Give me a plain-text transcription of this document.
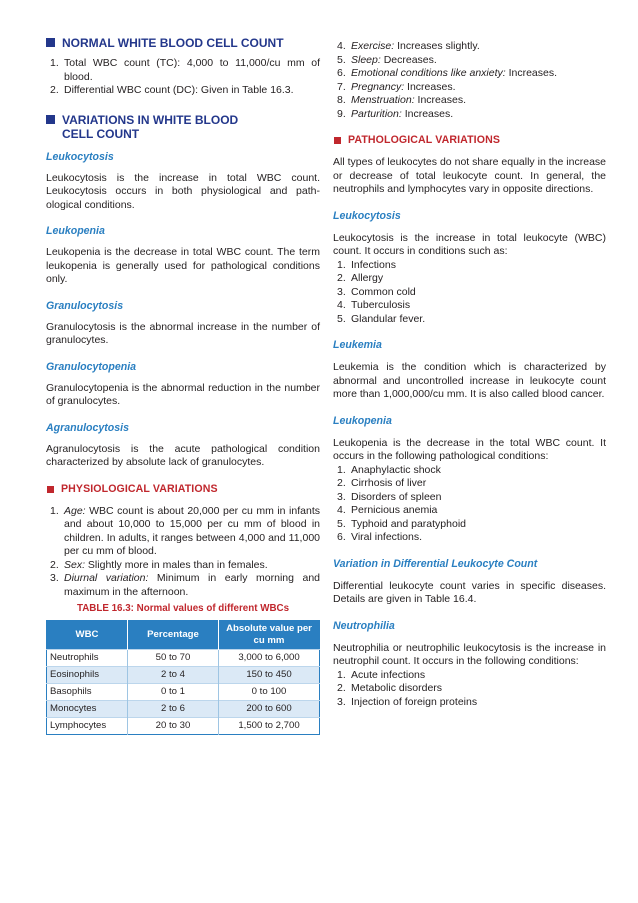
NORMAL WHITE BLOOD CELL COUNT
1. Total WBC count (TC): 4,000 to 11,000/cu mm of blood.
2. Differential WBC count (DC): Given in Table 16.3.
VARIATIONS IN WHITE BLOOD
CELL COUNT
Leukocytosis

Leukocytosis is the increase in total WBC count. Leukocytosis occurs in both physiological and path-ological conditions.

Leukopenia

Leukopenia is the decrease in total WBC count. The term leukopenia is generally used for pathological conditions only.

Granulocytosis

Granulocytosis is the abnormal increase in the number of granulocytes.

Granulocytopenia

Granulocytopenia is the abnormal reduction in the number of granulocytes.

Agranulocytosis

Agranulocytosis is the acute pathological condition characterized by absolute lack of granulocytes.

PHYSIOLOGICAL VARIATIONS
1. Age: WBC count is about 20,000 per cu mm in infants and about 10,000 to 15,000 per cu mm of blood in children. In adults, it ranges between 4,000 and 11,000 per cu mm of blood.
2. Sex: Slightly more in males than in females.
3. Diurnal variation: Minimum in early morning and maximum in the afternoon.

TABLE 16.3: Normal values of different WBCs

WBC	Percentage	Absolute value per cu mm
Neutrophils	50 to 70	3,000 to 6,000
Eosinophils	2 to 4	150 to 450
Basophils	0 to 1	0 to 100
Monocytes	2 to 6	200 to 600
Lymphocytes	20 to 30	1,500 to 2,700
4. Exercise: Increases slightly.
5. Sleep: Decreases.
6. Emotional conditions like anxiety: Increases.
7. Pregnancy: Increases.
8. Menstruation: Increases.
9. Parturition: Increases.
PATHOLOGICAL VARIATIONS

All types of leukocytes do not share equally in the increase or decrease of total leukocyte count. In general, the neutrophils and lymphocytes vary in opposite directions.

Leukocytosis

Leukocytosis is the increase in total leukocyte (WBC) count. It occurs in conditions such as:

1. Infections
2. Allergy
3. Common cold
4. Tuberculosis
5. Glandular fever.
Leukemia

Leukemia is the condition which is characterized by abnormal and uncontrolled increase in leukocyte count more than 1,000,000/cu mm. It is also called blood cancer.

Leukopenia

Leukopenia is the decrease in the total WBC count. It occurs in the following pathological conditions:

1. Anaphylactic shock
2. Cirrhosis of liver
3. Disorders of spleen
4. Pernicious anemia
5. Typhoid and paratyphoid
6. Viral infections.
Variation in Differential Leukocyte Count

Differential leukocyte count varies in specific diseases. Details are given in Table 16.4.

Neutrophilia

Neutrophilia or neutrophilic leukocytosis is the increase in neutrophil count. It occurs in the following conditions:

1. Acute infections
2. Metabolic disorders
3. Injection of foreign proteins
